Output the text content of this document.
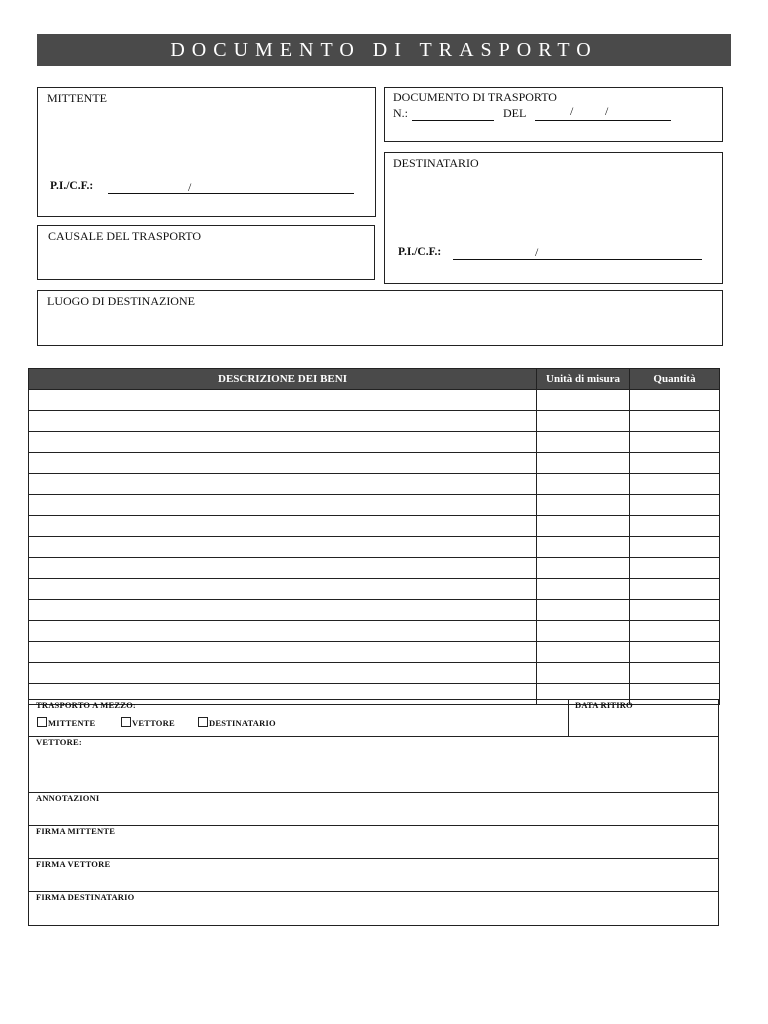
DOCUMENTO DI TRASPORTO
MITTENTE
P.I./C.F.:	/
DOCUMENTO DI TRASPORTO
N.:	DEL	/	/
DESTINATARIO
P.I./C.F.:	/
CAUSALE DEL TRASPORTO
LUOGO DI DESTINAZIONE
DESCRIZIONE DEI BENI	Unità di misura	Quantità

TRASPORTO A MEZZO:
MITTENTE	VETTORE	DESTINATARIO
DATA RITIRO
VETTORE:
ANNOTAZIONI
FIRMA MITTENTE
FIRMA VETTORE
FIRMA DESTINATARIO
